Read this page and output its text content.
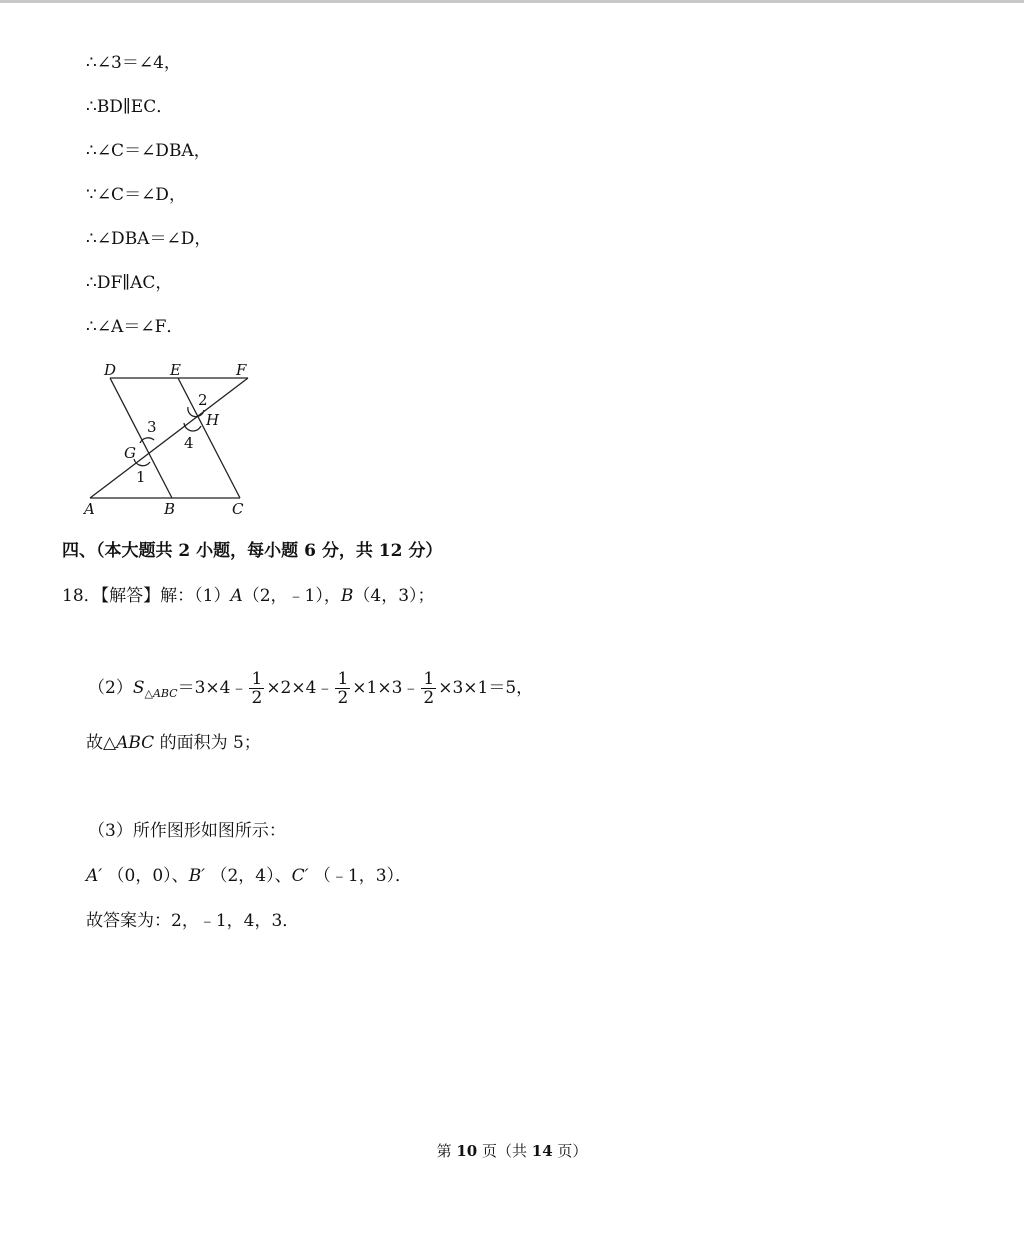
∴∠3＝∠4，
∴BD∥EC．
∴∠C＝∠DBA，
∵∠C＝∠D，
∴∠DBA＝∠D，
∴DF∥AC，
∴∠A＝∠F．
D	E	F
H
G
A	B	C
1
2
3
4
四、（本大题共 2 小题，每小题 6 分，共 12 分）
18．【解答】解：（1）A（2，﹣1），B（4，3）；
$(2)S_{\triangle ABC}=3\times 4﹣ \frac{1}{2}$ ×2×4﹣ $\frac{1}{2}$ ×1×3﹣ $\frac{1}{2} \times 3\times 1=5$，
故△ABC 的面积为 5；
（3）所作图形如图所示：
A′ （0，0）、B′ （2，4）、C′ （﹣1，3）．
故答案为：2，﹣1，4，3．
第 10 页（共 14 页）
